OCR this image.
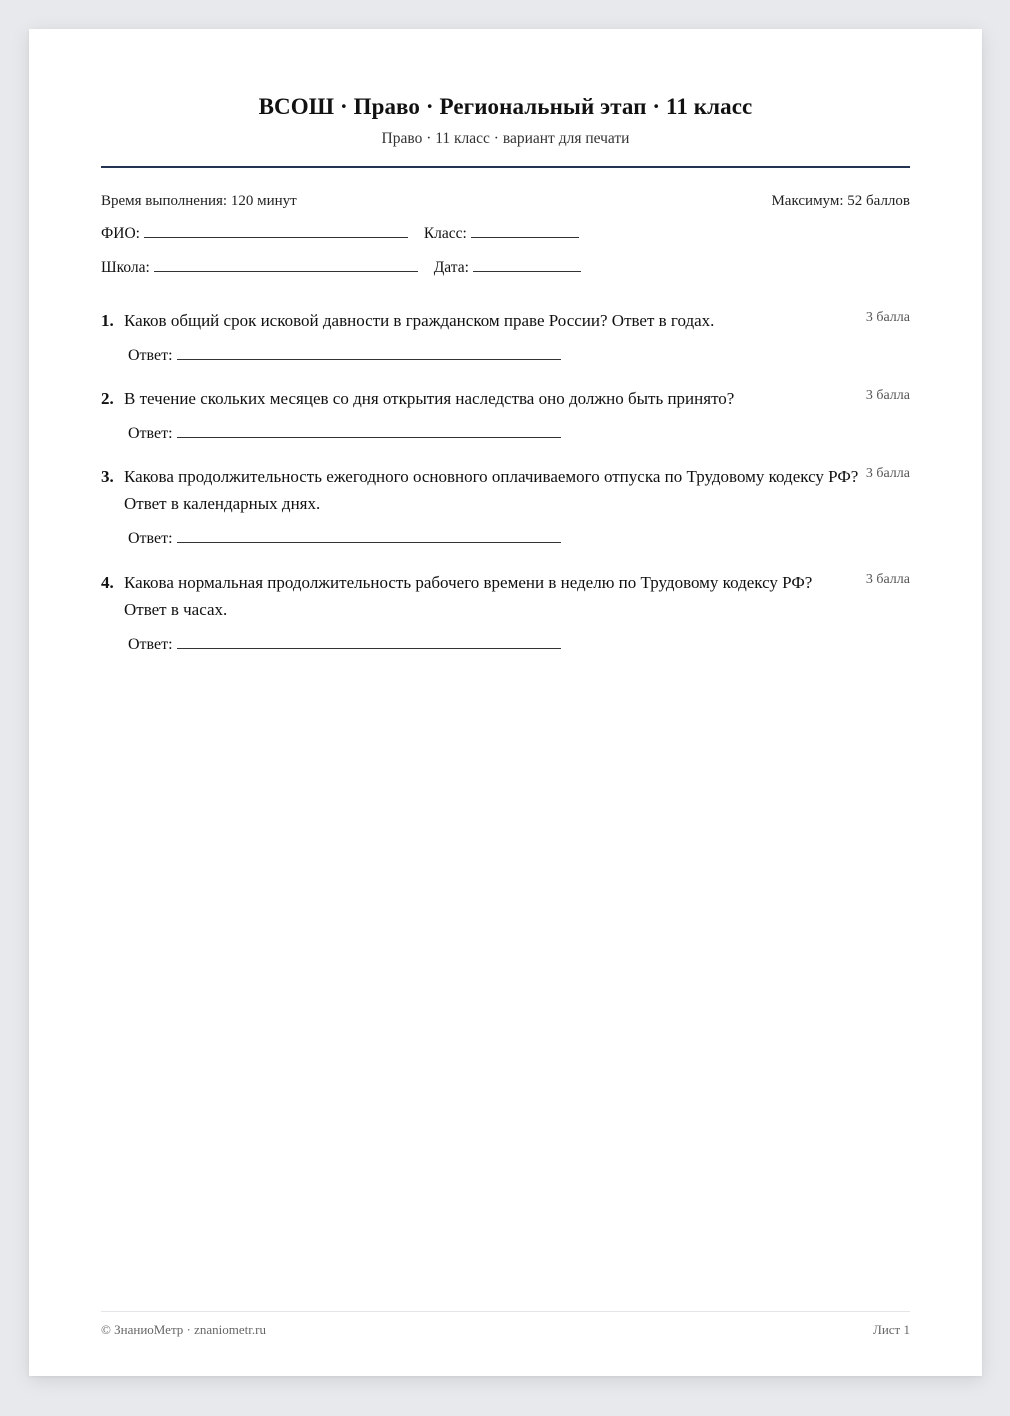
ВСОШ · Право · Региональный этап · 11 класс
Право · 11 класс · вариант для печати
Время выполнения: 120 минут	Максимум: 52 баллов
ФИО:	Класс:
Школа:	Дата:
1. Каков общий срок исковой давности в гражданском праве России? Ответ в годах.	3 балла
Ответ:
2. В течение скольких месяцев со дня открытия наследства оно должно быть принято?	3 балла
Ответ:
3. Какова продолжительность ежегодного основного оплачиваемого отпуска по Трудовому кодексу РФ? Ответ в календарных днях.
3 балла
Ответ:
4. Какова нормальная продолжительность рабочего времени в неделю по Трудовому кодексу РФ? Ответ в часах.
3 балла
Ответ:
© ЗнаниоМетр · znaniometr.ru	Лист 1
